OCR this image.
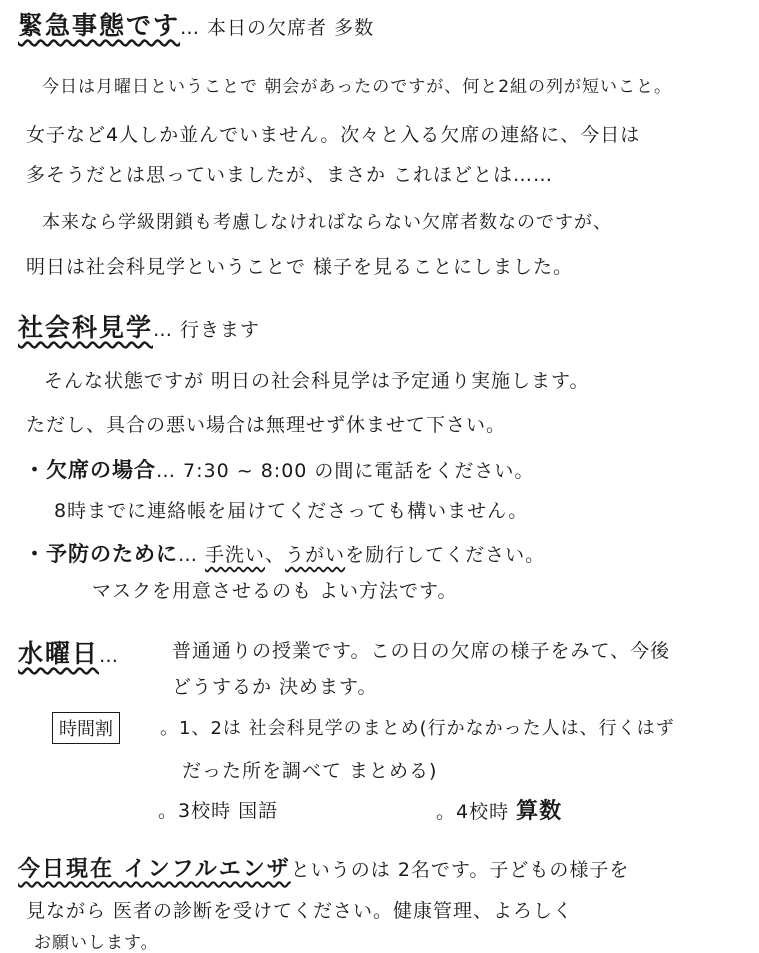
緊急事態です… 本日の欠席者 多数
今日は月曜日ということで 朝会があったのですが、何と2組の列が短いこと。
女子など4人しか並んでいません。次々と入る欠席の連絡に、今日は
多そうだとは思っていましたが、まさか これほどとは……
本来なら学級閉鎖も考慮しなければならない欠席者数なのですが、
明日は社会科見学ということで 様子を見ることにしました。
社会科見学… 行きます
そんな状態ですが 明日の社会科見学は予定通り実施します。
ただし、具合の悪い場合は無理せず休ませて下さい。
・欠席の場合… 7:30 ~ 8:00 の間に電話をください。
8時までに連絡帳を届けてくださっても構いません。
・予防のために… 手洗い、うがいを励行してください。
マスクを用意させるのも よい方法です。
水曜日…	普通通りの授業です。この日の欠席の様子をみて、今後
どうするか 決めます。
時間割	。1、2は 社会科見学のまとめ(行かなかった人は、行くはず
だった所を調べて まとめる)
。3校時 国語	。4校時 算数
今日現在 インフルエンザというのは 2名です。子どもの様子を
見ながら 医者の診断を受けてください。健康管理、よろしく
お願いします。
